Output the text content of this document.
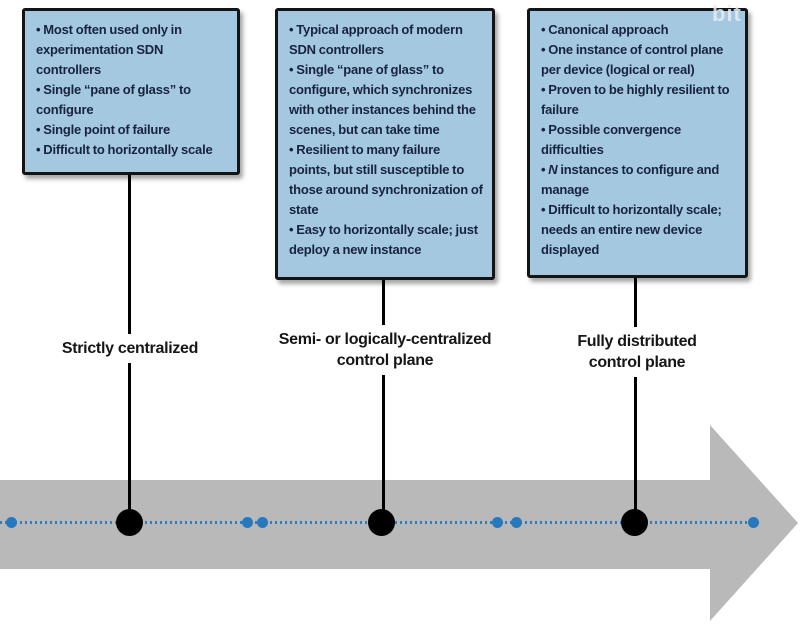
bit
• Most often used only in experimentation SDN controllers
• Single “pane of glass” to configure
• Single point of failure
• Difficult to horizontally scale
• Typical approach of modern SDN controllers
• Single “pane of glass” to configure, which synchronizes with other instances behind the scenes, but can take time
• Resilient to many failure points, but still susceptible to those around synchronization of state
• Easy to horizontally scale; just deploy a new instance
• Canonical approach
• One instance of control plane per device (logical or real)
• Proven to be highly resilient to failure
• Possible convergence difficulties
• N instances to configure and manage
• Difficult to horizontally scale; needs an entire new device displayed
Strictly centralized
Semi- or logically-centralized control plane
Fully distributed control plane
